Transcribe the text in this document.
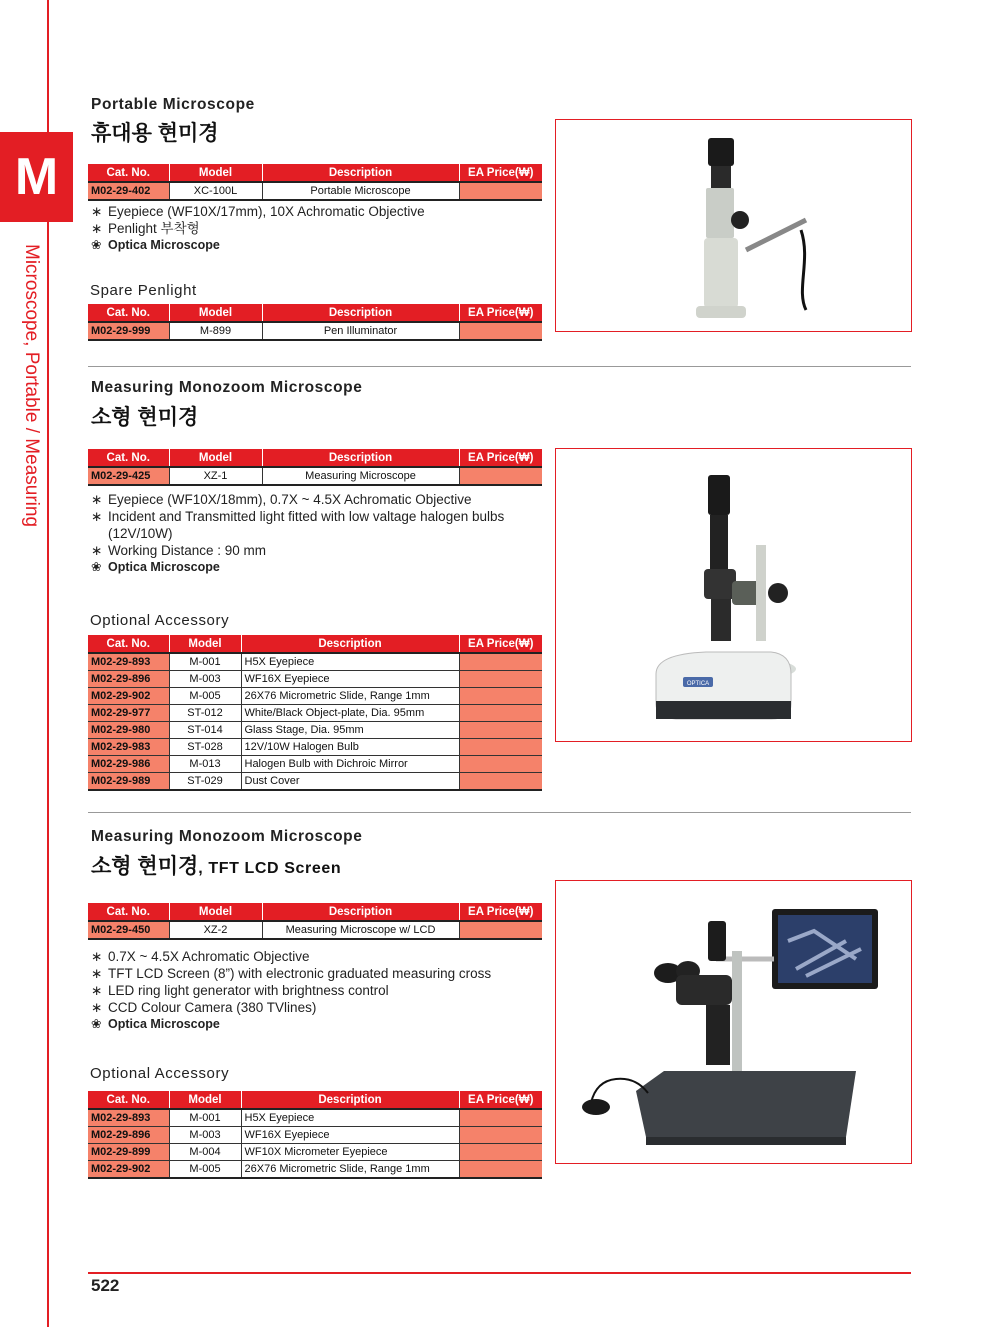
M
Microscope, Portable / Measuring
Portable Microscope
휴대용 현미경
Cat. No.	Model	Description	EA Price(₩)
M02-29-402	XC-100L	Portable Microscope	
∗ Eyepiece (WF10X/17mm), 10X Achromatic Objective
∗ Penlight 부착형
❀ Optica Microscope
Spare Penlight
Cat. No.	Model	Description	EA Price(₩)
M02-29-999	M-899	Pen Illuminator	
Measuring Monozoom Microscope
소형 현미경
Cat. No.	Model	Description	EA Price(₩)
M02-29-425	XZ-1	Measuring Microscope	
∗ Eyepiece (WF10X/18mm), 0.7X ~ 4.5X Achromatic Objective
∗ Incident and Transmitted light fitted with low valtage halogen bulbs (12V/10W)
∗ Working Distance : 90 mm
❀ Optica Microscope
Optional Accessory
Cat. No.	Model	Description	EA Price(₩)
M02-29-893	M-001	H5X Eyepiece	
M02-29-896	M-003	WF16X Eyepiece	
M02-29-902	M-005	26X76 Micrometric Slide, Range 1mm	
M02-29-977	ST-012	White/Black Object-plate, Dia. 95mm	
M02-29-980	ST-014	Glass Stage, Dia. 95mm	
M02-29-983	ST-028	12V/10W Halogen Bulb	
M02-29-986	M-013	Halogen Bulb with Dichroic Mirror	
M02-29-989	ST-029	Dust Cover	
OPTICA
Measuring Monozoom Microscope
소형 현미경, TFT LCD Screen
Cat. No.	Model	Description	EA Price(₩)
M02-29-450	XZ-2	Measuring Microscope w/ LCD	
∗ 0.7X ~ 4.5X Achromatic Objective
∗ TFT LCD Screen (8”) with electronic graduated measuring cross
∗ LED ring light generator with brightness control
∗ CCD Colour Camera (380 TVlines)
❀ Optica Microscope
Optional Accessory
Cat. No.	Model	Description	EA Price(₩)
M02-29-893	M-001	H5X Eyepiece	
M02-29-896	M-003	WF16X Eyepiece	
M02-29-899	M-004	WF10X Micrometer Eyepiece	
M02-29-902	M-005	26X76 Micrometric Slide, Range 1mm	
522
